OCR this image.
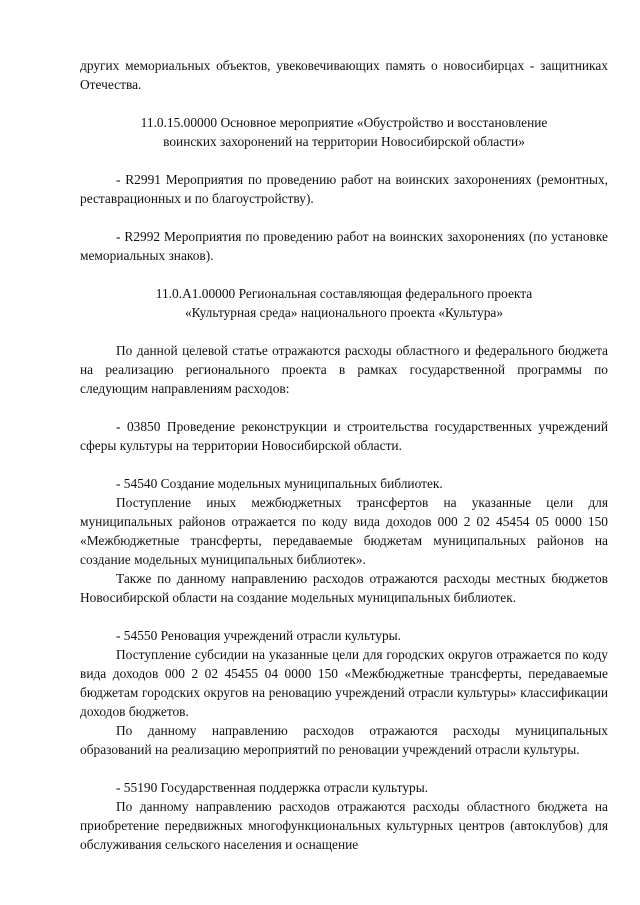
других мемориальных объектов, увековечивающих память о новосибирцах - защитниках Отечества.

11.0.15.00000 Основное мероприятие «Обустройство и восстановление

воинских захоронений на территории Новосибирской области»

- R2991 Мероприятия по проведению работ на воинских захоронениях (ремонтных, реставрационных и по благоустройству).

- R2992 Мероприятия по проведению работ на воинских захоронениях (по установке мемориальных знаков).

11.0.А1.00000 Региональная составляющая федерального проекта

«Культурная среда» национального проекта «Культура»

По данной целевой статье отражаются расходы областного и федерального бюджета на реализацию регионального проекта в рамках государственной программы по следующим направлениям расходов:

- 03850 Проведение реконструкции и строительства государственных учреждений сферы культуры на территории Новосибирской области.

- 54540 Создание модельных муниципальных библиотек.

Поступление иных межбюджетных трансфертов на указанные цели для муниципальных районов отражается по коду вида доходов 000 2 02 45454 05 0000 150 «Межбюджетные трансферты, передаваемые бюджетам муниципальных районов на создание модельных муниципальных библиотек».

Также по данному направлению расходов отражаются расходы местных бюджетов Новосибирской области на создание модельных муниципальных библиотек.

- 54550 Реновация учреждений отрасли культуры.

Поступление субсидии на указанные цели для городских округов отражается по коду вида доходов 000 2 02 45455 04 0000 150 «Межбюджетные трансферты, передаваемые бюджетам городских округов на реновацию учреждений отрасли культуры» классификации доходов бюджетов.

По данному направлению расходов отражаются расходы муниципальных образований на реализацию мероприятий по реновации учреждений отрасли культуры.

- 55190 Государственная поддержка отрасли культуры.

По данному направлению расходов отражаются расходы областного бюджета на приобретение передвижных многофункциональных культурных центров (автоклубов) для обслуживания сельского населения и оснащение
